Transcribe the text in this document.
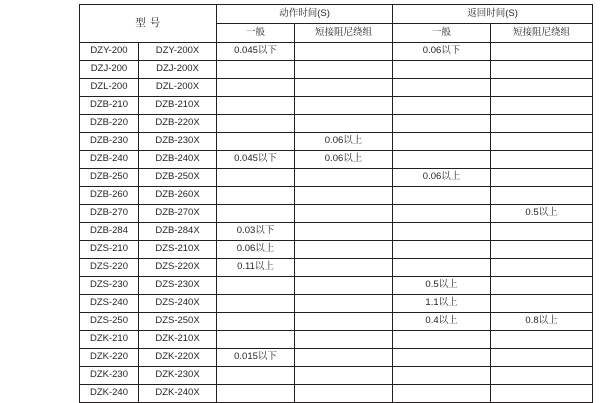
型 号		动作时间(S)		返回时间(S)	
		一般	短接阻尼绕组	一般	短接阻尼绕组
DZY-200	DZY-200X	0.045以下		0.06以下	
DZJ-200	DZJ-200X				
DZL-200	DZL-200X				
DZB-210	DZB-210X				
DZB-220	DZB-220X				
DZB-230	DZB-230X		0.06以上		
DZB-240	DZB-240X	0.045以下	0.06以上		
DZB-250	DZB-250X			0.06以上	
DZB-260	DZB-260X				
DZB-270	DZB-270X				0.5以上
DZB-284	DZB-284X	0.03以下			
DZS-210	DZS-210X	0.06以上			
DZS-220	DZS-220X	0.11以上			
DZS-230	DZS-230X			0.5以上	
DZS-240	DZS-240X			1.1以上	
DZS-250	DZS-250X			0.4以上	0.8以上
DZK-210	DZK-210X				
DZK-220	DZK-220X	0.015以下			
DZK-230	DZK-230X				
DZK-240	DZK-240X				
